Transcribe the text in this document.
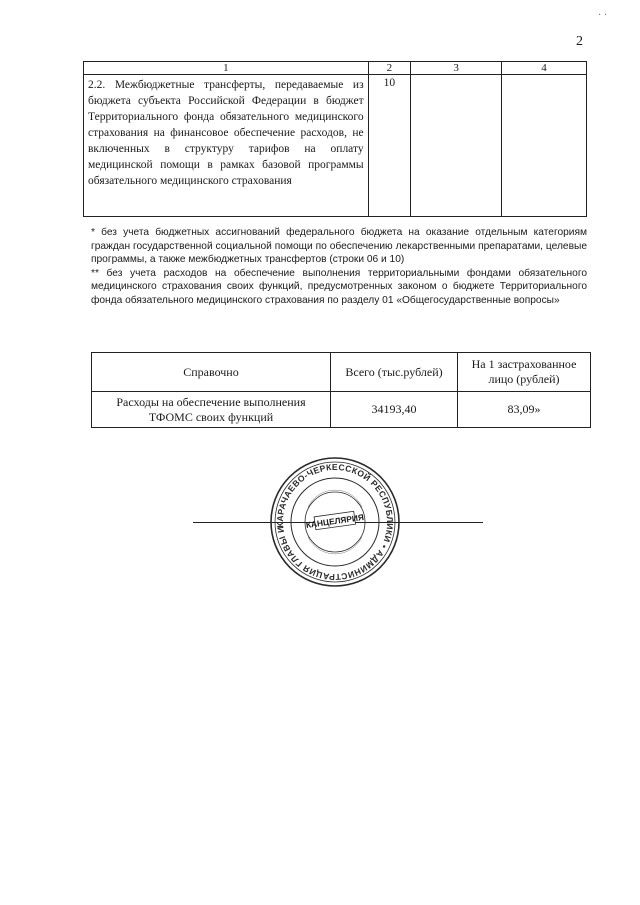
· ·
2
1	2	3	4
2.2. Межбюджетные трансферты, передаваемые из бюджета субъекта Российской Федерации в бюджет Территориального фонда обязательного медицинского страхования на финансовое обеспечение расходов, не включенных в структуру тарифов на оплату медицинской помощи в рамках базовой программы обязательного медицинского страхования	10		

* без учета бюджетных ассигнований федерального бюджета на оказание отдельным категориям граждан государственной социальной помощи по обеспечению лекарственными препаратами, целевые программы, а также межбюджетных трансфертов (строки 06 и 10)

** без учета расходов на обеспечение выполнения территориальными фондами обязательного медицинского страхования своих функций, предусмотренных законом о бюджете Территориального фонда обязательного медицинского страхования по разделу 01 «Общегосударственные вопросы»

Справочно	Всего (тыс.рублей)	На 1 застрахованное лицо (рублей)
Расходы на обеспечение выполнения ТФОМС своих функций	34193,40	83,09»
КАРАЧАЕВО-ЧЕРКЕССКОЙ РЕСПУБЛИКИ • АДМИНИСТРАЦИЯ ГЛАВЫ И	КАНЦЕЛЯРИЯ
